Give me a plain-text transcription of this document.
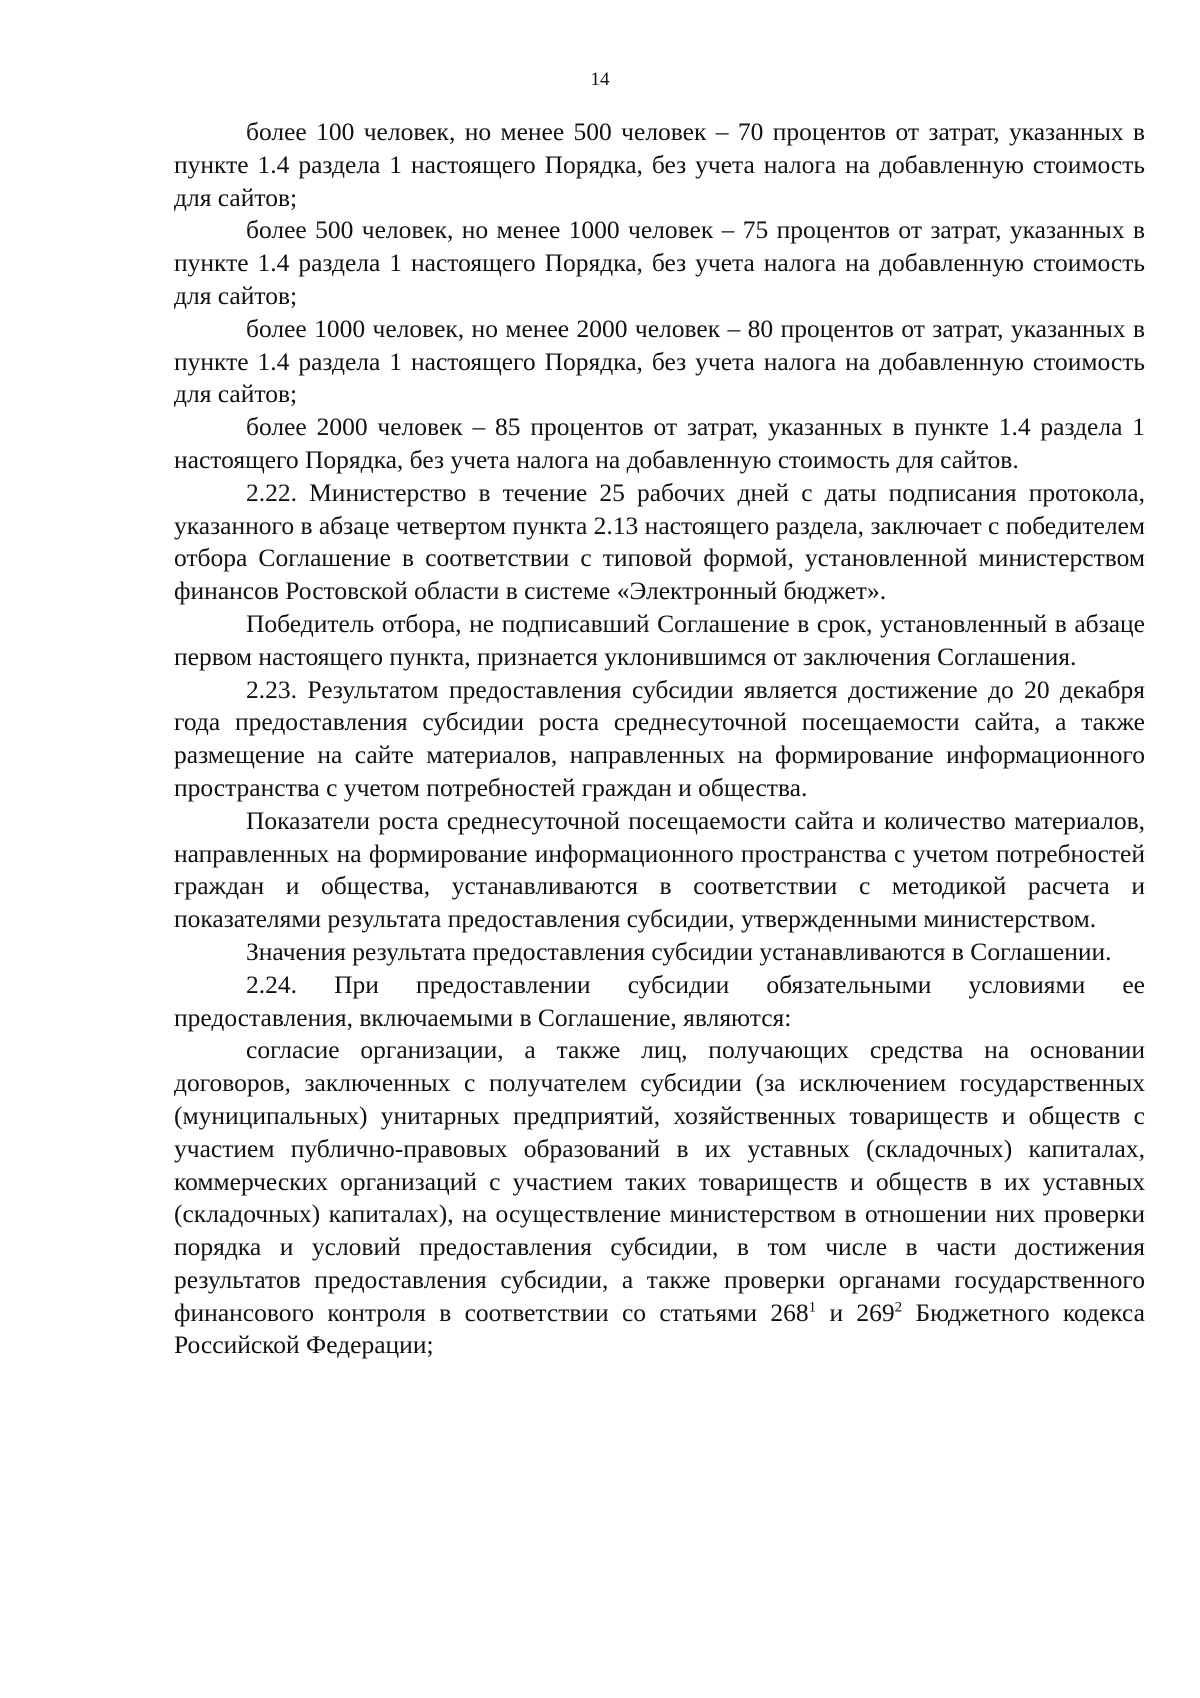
14

более 100 человек, но менее 500 человек – 70 процентов от затрат, указанных в пункте 1.4 раздела 1 настоящего Порядка, без учета налога на добавленную стоимость для сайтов;

более 500 человек, но менее 1000 человек – 75 процентов от затрат, указанных в пункте 1.4 раздела 1 настоящего Порядка, без учета налога на добавленную стоимость для сайтов;

более 1000 человек, но менее 2000 человек – 80 процентов от затрат, указанных в пункте 1.4 раздела 1 настоящего Порядка, без учета налога на добавленную стоимость для сайтов;

более 2000 человек – 85 процентов от затрат, указанных в пункте 1.4 раздела 1 настоящего Порядка, без учета налога на добавленную стоимость для сайтов.

2.22. Министерство в течение 25 рабочих дней с даты подписания протокола, указанного в абзаце четвертом пункта 2.13 настоящего раздела, заключает с победителем отбора Соглашение в соответствии с типовой формой, установленной министерством финансов Ростовской области в системе «Электронный бюджет».

Победитель отбора, не подписавший Соглашение в срок, установленный в абзаце первом настоящего пункта, признается уклонившимся от заключения Соглашения.

2.23. Результатом предоставления субсидии является достижение до 20 декабря года предоставления субсидии роста среднесуточной посещаемости сайта, а также размещение на сайте материалов, направленных на формирование информационного пространства с учетом потребностей граждан и общества.

Показатели роста среднесуточной посещаемости сайта и количество материалов, направленных на формирование информационного пространства с учетом потребностей граждан и общества, устанавливаются в соответствии с методикой расчета и показателями результата предоставления субсидии, утвержденными министерством.

Значения результата предоставления субсидии устанавливаются в Соглашении.

2.24. При предоставлении субсидии обязательными условиями ее предоставления, включаемыми в Соглашение, являются:

согласие организации, а также лиц, получающих средства на основании договоров, заключенных с получателем субсидии (за исключением государственных (муниципальных) унитарных предприятий, хозяйственных товариществ и обществ с участием публично-правовых образований в их уставных (складочных) капиталах, коммерческих организаций с участием таких товариществ и обществ в их уставных (складочных) капиталах), на осуществление министерством в отношении них проверки порядка и условий предоставления субсидии, в том числе в части достижения результатов предоставления субсидии, а также проверки органами государственного финансового контроля в соответствии со статьями $268^1$ и $269^2$ Бюджетного кодекса Российской Федерации;
